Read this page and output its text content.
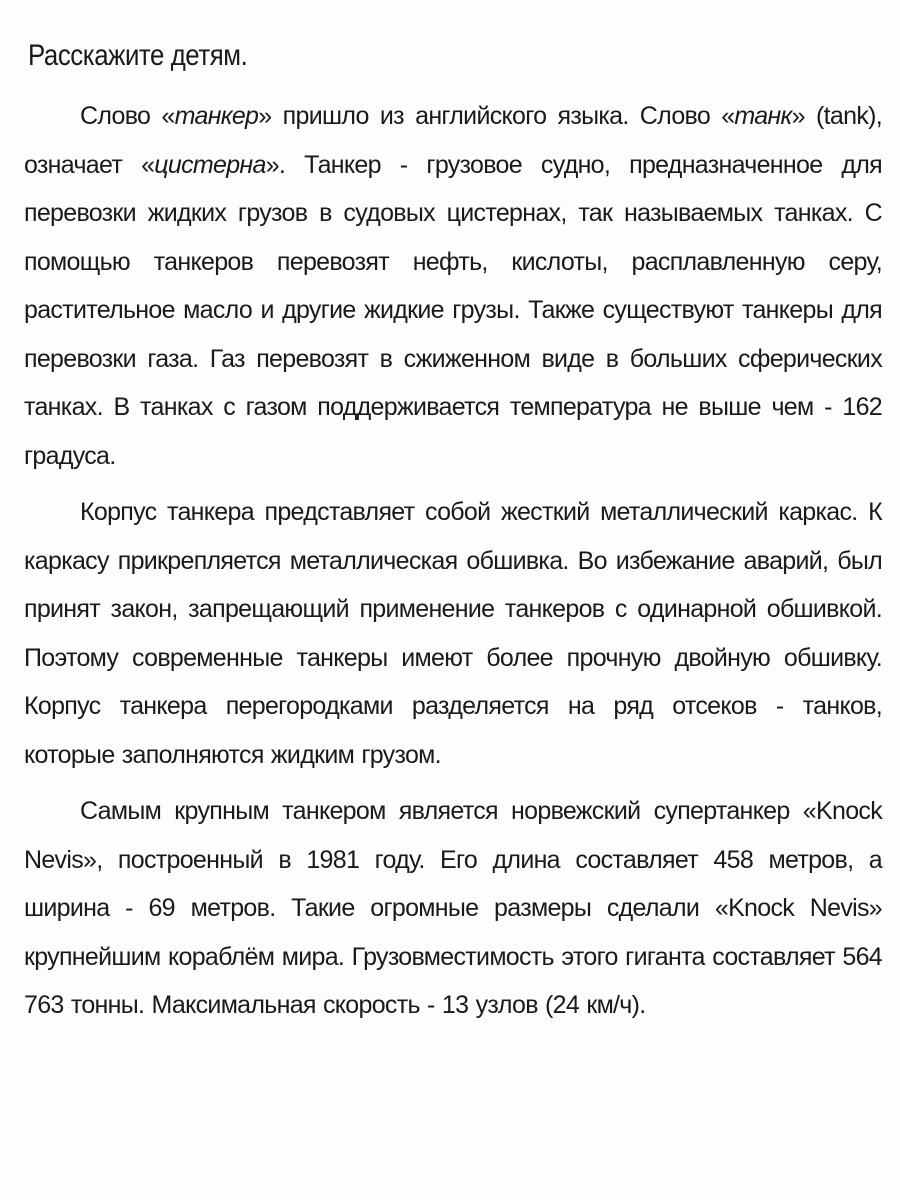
Расскажите детям.

Слово «танкер» пришло из английского языка. Слово «танк» (tank), означает «цистерна». Танкер - грузовое судно, предназначенное для перевозки жидких грузов в судовых цистернах, так называемых танках. С помощью танкеров перевозят нефть, кислоты, расплавленную серу, растительное масло и другие жидкие грузы. Также существуют танкеры для перевозки газа. Газ перевозят в сжиженном виде в больших сферических танках. В танках с газом поддерживается температура не выше чем - 162 градуса.

Корпус танкера представляет собой жесткий металлический каркас. К каркасу прикрепляется металлическая обшивка. Во избежание аварий, был принят закон, запрещающий применение танкеров с одинарной обшивкой. Поэтому современные танкеры имеют более прочную двойную обшивку. Корпус танкера перегородками разделяется на ряд отсеков - танков, которые заполняются жидким грузом.

Самым крупным танкером является норвежский супертанкер «Knock Nevis», построенный в 1981 году. Его длина составляет 458 метров, а ширина - 69 метров. Такие огромные размеры сделали «Knock Nevis» крупнейшим кораблём мира. Грузовместимость этого гиганта составляет 564 763 тонны. Максимальная скорость - 13 узлов (24 км/ч).
